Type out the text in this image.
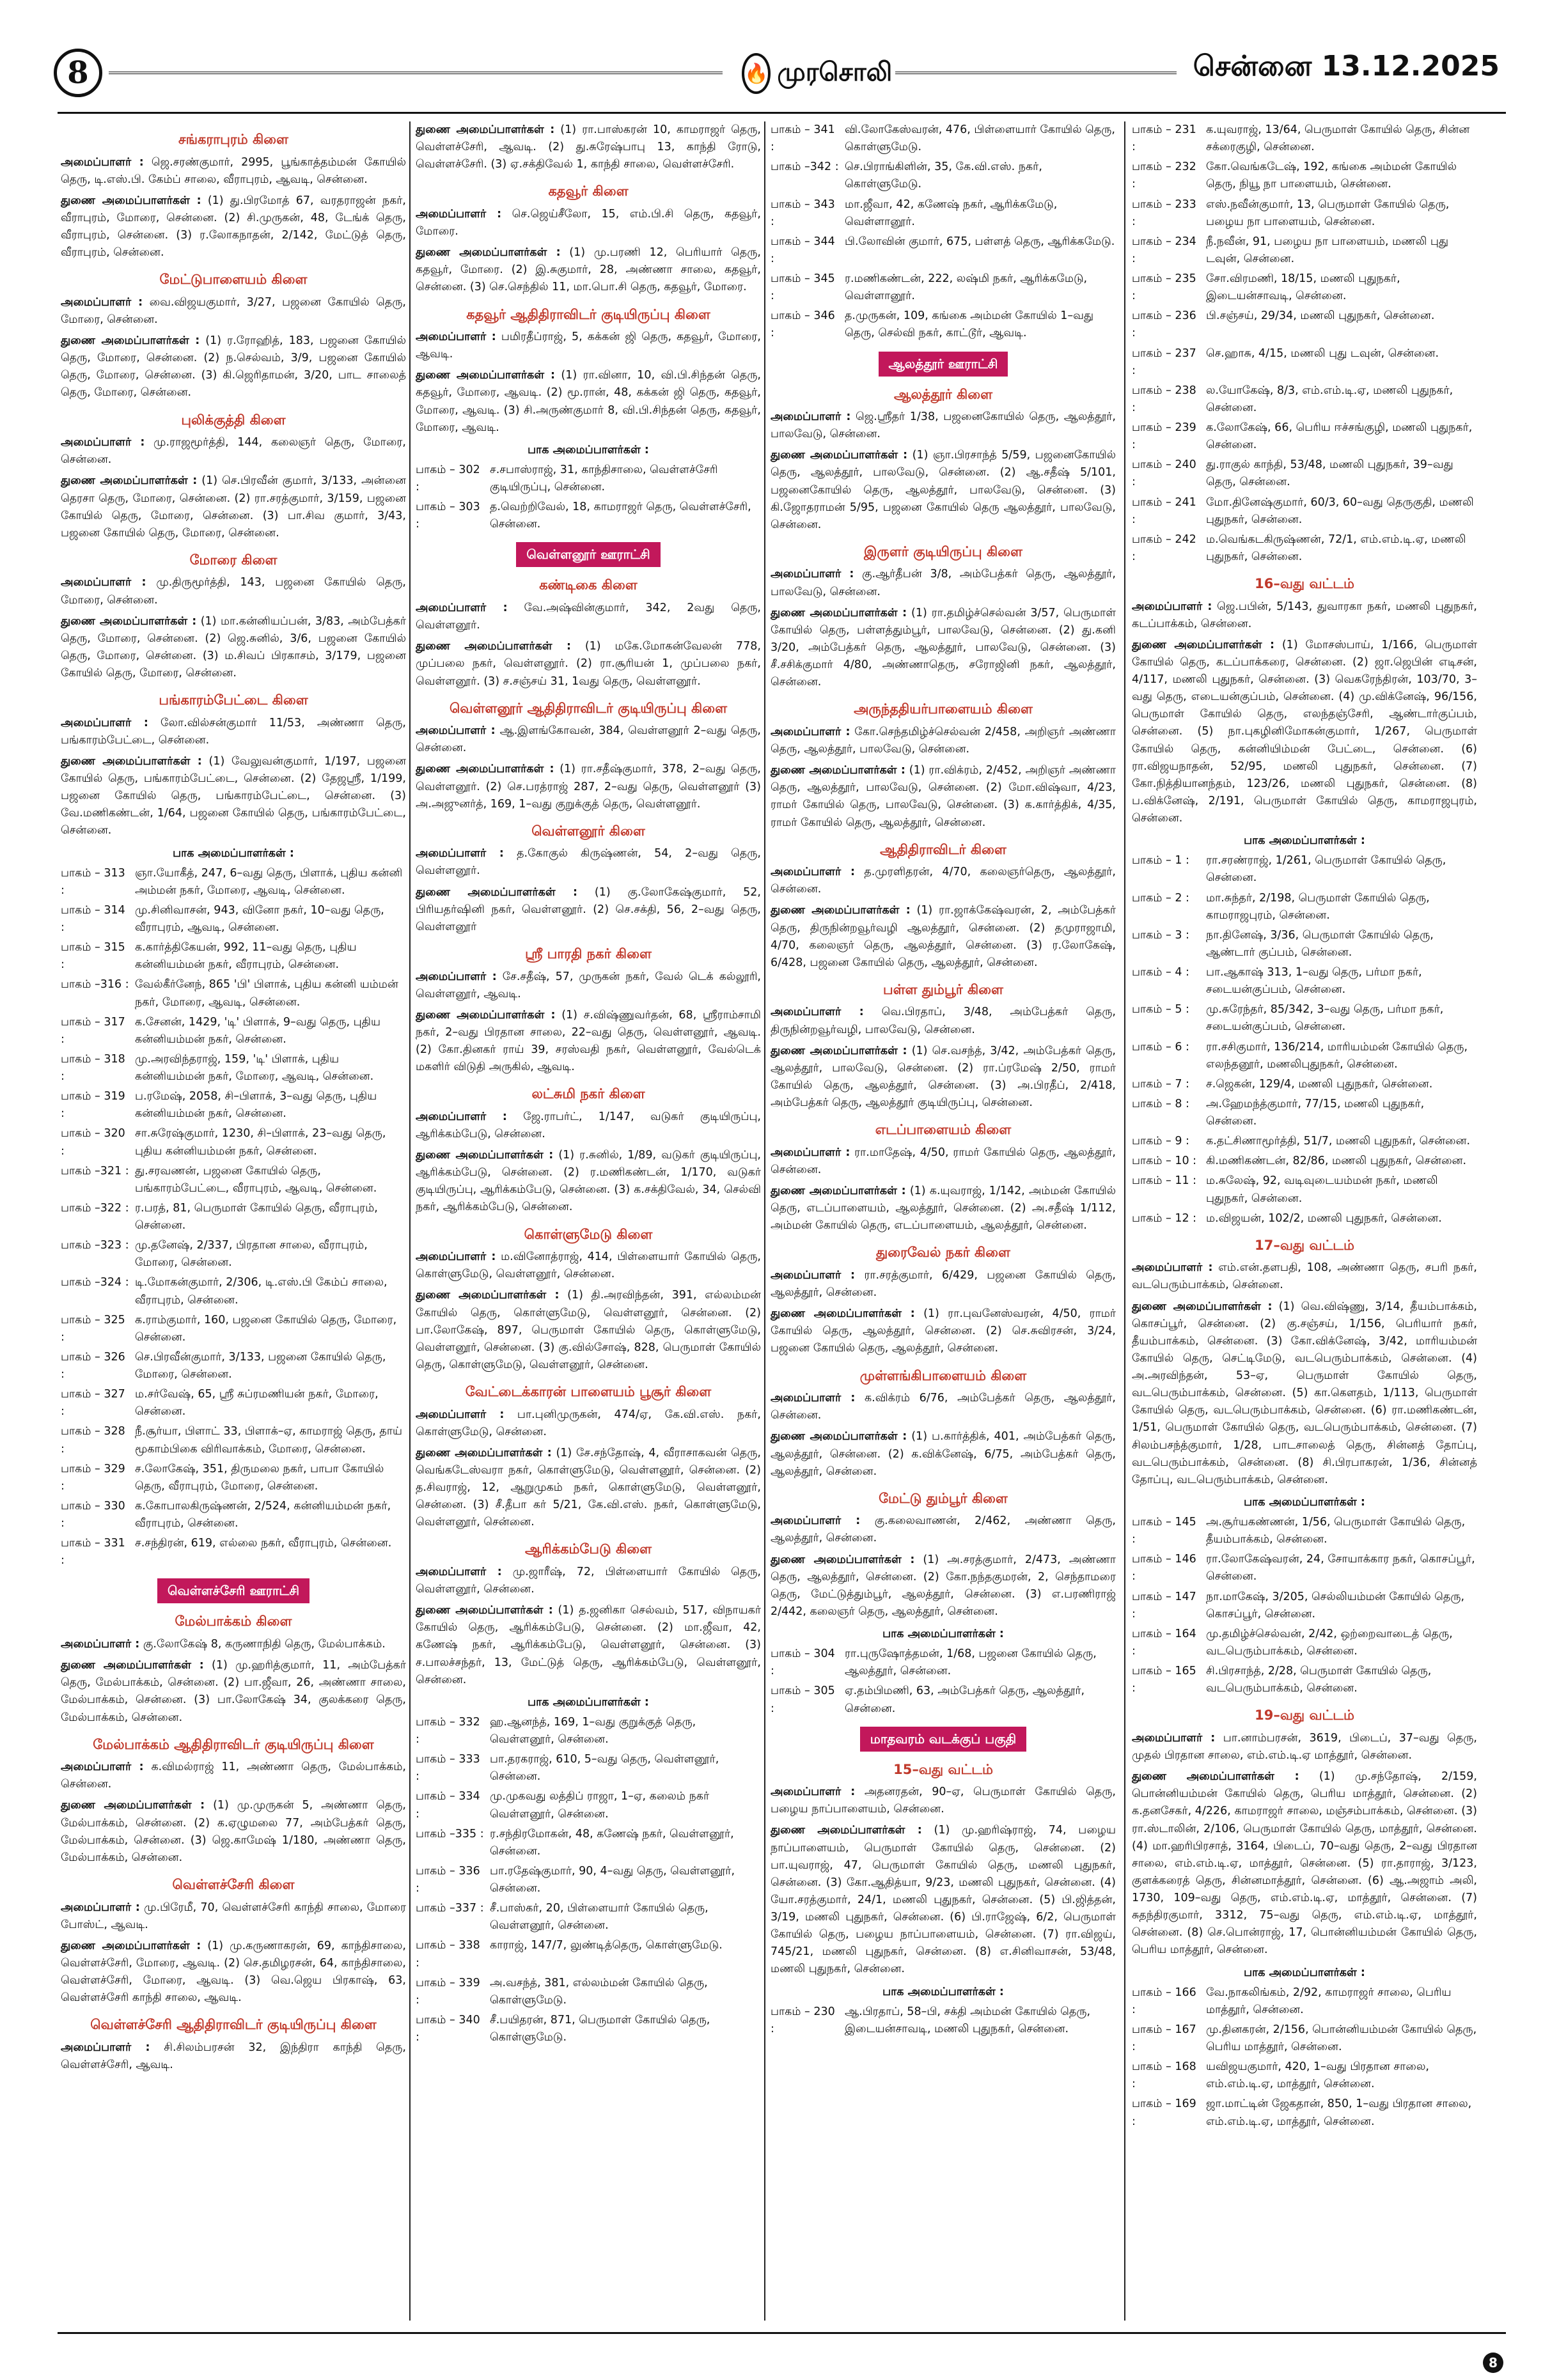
8	🔥 முரசொலி	சென்னை 13.12.2025
சங்கராபுரம் கிளை

அமைப்பாளர் : ஜெ.சரண்குமார், 2995, பூங்காத்தம்மன் கோயில் தெரு, டி.எஸ்.பி. கேம்ப் சாலை, வீராபுரம், ஆவடி, சென்னை.

துணை அமைப்பாளர்கள் : (1) து.பிரமோத் 67, வரதராஜன் நகர், வீராபுரம், மோரை, சென்னை. (2) சி.முருகன், 48, டேங்க் தெரு, வீராபுரம், சென்னை. (3) ர.லோகநாதன், 2/142, மேட்டுத் தெரு, வீராபுரம், சென்னை.

மேட்டுபாளையம் கிளை

அமைப்பாளர் : வை.விஜயகுமார், 3/27, பஜனை கோயில் தெரு, மோரை, சென்னை.

துணை அமைப்பாளர்கள் : (1) ர.ரோஹித், 183, பஜனை கோயில் தெரு, மோரை, சென்னை. (2) ந.செல்வம், 3/9, பஜனை கோயில் தெரு, மோரை, சென்னை. (3) கி.ஜெரிதாமன், 3/20, பாட சாலைத் தெரு, மோரை, சென்னை.

புலிக்குத்தி கிளை

அமைப்பாளர் : மு.ராஜமூர்த்தி, 144, கலைஞர் தெரு, மோரை, சென்னை.

துணை அமைப்பாளர்கள் : (1) செ.பிரவீன் குமார், 3/133, அன்னை தெரசா தெரு, மோரை, சென்னை. (2) ரா.சரத்குமார், 3/159, பஜனை கோயில் தெரு, மோரை, சென்னை. (3) பா.சிவ குமார், 3/43, பஜனை கோயில் தெரு, மோரை, சென்னை.

மோரை கிளை

அமைப்பாளர் : மு.திருமூர்த்தி, 143, பஜனை கோயில் தெரு, மோரை, சென்னை.

துணை அமைப்பாளர்கள் : (1) மா.கன்னியப்பன், 3/83, அம்பேத்கர் தெரு, மோரை, சென்னை. (2) ஜெ.சுனில், 3/6, பஜனை கோயில் தெரு, மோரை, சென்னை. (3) ம.சிவப் பிரகாசம், 3/179, பஜனை கோயில் தெரு, மோரை, சென்னை.

பங்காரம்பேட்டை கிளை

அமைப்பாளர் : லோ.வில்சன்குமார் 11/53, அண்ணா தெரு, பங்காரம்பேட்டை, சென்னை.

துணை அமைப்பாளர்கள் : (1) வேலுவன்குமார், 1/197, பஜனை கோயில் தெரு, பங்காரம்பேட்டை, சென்னை. (2) தேஜஸ்ரீ, 1/199, பஜனை கோயில் தெரு, பங்காரம்பேட்டை, சென்னை. (3) வே.மணிகண்டன், 1/64, பஜனை கோயில் தெரு, பங்காரம்பேட்டை, சென்னை.

பாக அமைப்பாளர்கள் :
பாகம் – 313 :
ஞா.யோகீத், 247, 6–வது தெரு, பிளாக், புதிய கன்னி அம்மன் நகர், மோரை, ஆவடி, சென்னை.
பாகம் – 314 :
மு.சினிவாசன், 943, வினோ நகர், 10–வது தெரு, வீராபுரம், ஆவடி, சென்னை.
பாகம் – 315 :
க.கார்த்திகேயன், 992, 11–வது தெரு, புதிய கன்னியம்மன் நகர், வீராபுரம், சென்னை.
பாகம் –316 : வேல்கீர்னேந், 865 'பி' பிளாக், புதிய கன்னி யம்மன் நகர், மோரை, ஆவடி, சென்னை.
பாகம் – 317 :
க.சேனன், 1429, 'டி' பிளாக், 9–வது தெரு, புதிய கன்னியம்மன் நகர், சென்னை.
பாகம் – 318 :
மு.அரவிந்தராஜ், 159, 'டி' பிளாக், புதிய கன்னியம்மன் நகர், மோரை, ஆவடி, சென்னை.
பாகம் – 319 :
ப.ரமேஷ், 2058, சி–பிளாக், 3–வது தெரு, புதிய கன்னியம்மன் நகர், சென்னை.
பாகம் – 320 :
சா.சுரேஷ்குமார், 1230, சி–பிளாக், 23–வது தெரு, புதிய கன்னியம்மன் நகர், சென்னை.
பாகம் –321 : து.சரவணன், பஜனை கோயில் தெரு, பங்காரம்பேட்டை, வீராபுரம், ஆவடி, சென்னை.
பாகம் –322 : ர.பரத், 81, பெருமாள் கோயில் தெரு, வீராபுரம், சென்னை.
பாகம் –323 : மு.தனேஷ், 2/337, பிரதான சாலை, வீராபுரம், மோரை, சென்னை.
பாகம் –324 : டி.மோகன்குமார், 2/306, டி.எஸ்.பி கேம்ப் சாலை, வீராபுரம், சென்னை.
பாகம் – 325 :
க.ராம்குமார், 160, பஜனை கோயில் தெரு, மோரை, சென்னை.
பாகம் – 326 :
செ.பிரவீன்குமார், 3/133, பஜனை கோயில் தெரு, மோரை, சென்னை.
பாகம் – 327 :
ம.சர்வேஷ், 65, ஸ்ரீ சுப்ரமணியன் நகர், மோரை, சென்னை.
பாகம் – 328 :
நீ.சூர்யா, பிளாட் 33, பிளாக்–ஏ, காமராஜ் தெரு, தாய் மூகாம்பிகை விரிவாக்கம், மோரை, சென்னை.
பாகம் – 329 :
ச.லோகேஷ், 351, திருமலை நகர், பாபா கோயில் தெரு, வீராபுரம், மோரை, சென்னை.
பாகம் – 330 :
க.கோபாலகிருஷ்ணன், 2/524, கன்னியம்மன் நகர், வீராபுரம், சென்னை.
பாகம் – 331 :
ச.சந்திரன், 619, எல்லை நகர், வீராபுரம், சென்னை.
வெள்ளச்சேரி ஊராட்சி
மேல்பாக்கம் கிளை

அமைப்பாளர் : கு.லோகேஷ் 8, கருணாநிதி தெரு, மேல்பாக்கம்.

துணை அமைப்பாளர்கள் : (1) மு.ஹரித்குமார், 11, அம்பேத்கர் தெரு, மேல்பாக்கம், சென்னை. (2) பா.ஜீவா, 26, அண்ணா சாலை, மேல்பாக்கம், சென்னை. (3) பா.லோகேஷ் 34, குலக்கரை தெரு, மேல்பாக்கம், சென்னை.

மேல்பாக்கம் ஆதிதிராவிடர் குடியிருப்பு கிளை

அமைப்பாளர் : க.விமல்ராஜ் 11, அண்ணா தெரு, மேல்பாக்கம், சென்னை.

துணை அமைப்பாளர்கள் : (1) மு.முருகன் 5, அண்ணா தெரு, மேல்பாக்கம், சென்னை. (2) க.ஏழுமலை 77, அம்பேத்கர் தெரு, மேல்பாக்கம், சென்னை. (3) ஜெ.காமேஷ் 1/180, அண்ணா தெரு, மேல்பாக்கம், சென்னை.

வெள்ளச்சேரி கிளை

அமைப்பாளர் : மு.பிரேமீ, 70, வெள்ளச்சேரி காந்தி சாலை, மோரை போஸ்ட், ஆவடி.

துணை அமைப்பாளர்கள் : (1) மு.கருணாகரன், 69, காந்திசாலை, வெள்ளச்சேரி, மோரை, ஆவடி. (2) செ.தமிழரசன், 64, காந்திசாலை, வெள்ளச்சேரி, மோரை, ஆவடி. (3) வெ.ஜெய பிரகாஷ், 63, வெள்ளச்சேரி காந்தி சாலை, ஆவடி.

வெள்ளச்சேரி ஆதிதிராவிடர் குடியிருப்பு கிளை

அமைப்பாளர் : சி.சிலம்பரசன் 32, இந்திரா காந்தி தெரு, வெள்ளச்சேரி, ஆவடி.

துணை அமைப்பாளர்கள் : (1) ரா.பாஸ்கரன் 10, காமராஜர் தெரு, வெள்ளச்சேரி, ஆவடி. (2) து.சுரேஷ்பாபு 13, காந்தி ரோடு, வெள்ளச்சேரி. (3) ஏ.சக்திவேல் 1, காந்தி சாலை, வெள்ளச்சேரி.

கதவூர் கிளை

அமைப்பாளர் : செ.ஜெய்சீலோ, 15, எம்.பி.சி தெரு, கதவூர், மோரை.

துணை அமைப்பாளர்கள் : (1) மு.பரணி 12, பெரியார் தெரு, கதவூர், மோரை. (2) இ.சுகுமார், 28, அண்ணா சாலை, கதவூர், சென்னை. (3) செ.செந்தில் 11, மா.பொ.சி தெரு, கதவூர், மோரை.

கதவூர் ஆதிதிராவிடர் குடியிருப்பு கிளை

அமைப்பாளர் : பமிரதீப்ராஜ், 5, கக்கன் ஜி தெரு, கதவூர், மோரை, ஆவடி.

துணை அமைப்பாளர்கள் : (1) ரா.வினா, 10, வி.பி.சிந்தன் தெரு, கதவூர், மோரை, ஆவடி. (2) மூ.ரான், 48, கக்கன் ஜி தெரு, கதவூர், மோரை, ஆவடி. (3) சி.அருண்குமார் 8, வி.பி.சிந்தன் தெரு, கதவூர், மோரை, ஆவடி.

பாக அமைப்பாளர்கள் :
பாகம் – 302 :
ச.சபாஸ்ராஜ், 31, காந்திசாலை, வெள்ளச்சேரி குடியிருப்பு, சென்னை.
பாகம் – 303 :
த.வெற்றிவேல், 18, காமராஜர் தெரு, வெள்ளச்சேரி, சென்னை.
வெள்ளனூர் ஊராட்சி
கண்டிகை கிளை

அமைப்பாளர் : வே.அஷ்வின்குமார், 342, 2வது தெரு, வெள்ளனூர்.

துணை அமைப்பாளர்கள் : (1) மகே.மோகன்வேலன் 778, முப்பலை நகர், வெள்ளனூர். (2) ரா.சூரியன் 1, முப்பலை நகர், வெள்ளனூர். (3) ச.சஞ்சய் 31, 1வது தெரு, வெள்ளனூர்.

வெள்ளனூர் ஆதிதிராவிடர் குடியிருப்பு கிளை

அமைப்பாளர் : ஆ.இளங்கோவன், 384, வெள்ளனூர் 2–வது தெரு, சென்னை.

துணை அமைப்பாளர்கள் : (1) ரா.சதீஷ்குமார், 378, 2–வது தெரு, வெள்ளனூர். (2) செ.பரத்ராஜ் 287, 2–வது தெரு, வெள்ளனூர் (3) அ.அஜுனர்த், 169, 1–வது குறுக்குத் தெரு, வெள்ளனூர்.

வெள்ளனூர் கிளை

அமைப்பாளர் : த.கோகுல் கிருஷ்ணன், 54, 2–வது தெரு, வெள்ளனூர்.

துணை அமைப்பாளர்கள் : (1) கு.லோகேஷ்குமார், 52, பிரியதர்ஷினி நகர், வெள்ளனூர். (2) செ.சக்தி, 56, 2–வது தெரு, வெள்ளனூர்

ஸ்ரீ பாரதி நகர் கிளை

அமைப்பாளர் : சே.சதீஷ், 57, முருகன் நகர், வேல் டெக் கல்லூரி, வெள்ளனூர், ஆவடி.

துணை அமைப்பாளர்கள் : (1) ச.விஷ்ணுவர்தன், 68, ஸ்ரீராம்சாமி நகர், 2–வது பிரதான சாலை, 22–வது தெரு, வெள்ளனூர், ஆவடி. (2) கோ.தினகர் ராய் 39, சரஸ்வதி நகர், வெள்ளனூர், வேல்டெக் மகளிர் விடுதி அருகில், ஆவடி.

லட்சுமி நகர் கிளை

அமைப்பாளர் : ஜே.ராபர்ட், 1/147, வடுகர் குடியிருப்பு, ஆரிக்கம்பேடு, சென்னை.

துணை அமைப்பாளர்கள் : (1) ர.சுனில், 1/89, வடுகர் குடியிருப்பு, ஆரிக்கம்பேடு, சென்னை. (2) ர.மணிகண்டன், 1/170, வடுகர் குடியிருப்பு, ஆரிக்கம்பேடு, சென்னை. (3) க.சக்திவேல், 34, செல்வி நகர், ஆரிக்கம்பேடு, சென்னை.

கொள்ளுமேடு கிளை

அமைப்பாளர் : ம.வினோத்ராஜ், 414, பிள்ளையார் கோயில் தெரு, கொள்ளுமேடு, வெள்ளனூர், சென்னை.

துணை அமைப்பாளர்கள் : (1) தி.அரவிந்தன், 391, எல்லம்மன் கோயில் தெரு, கொள்ளுமேடு, வெள்ளனூர், சென்னை. (2) பா.லோகேஷ், 897, பெருமாள் கோயில் தெரு, கொள்ளுமேடு, வெள்ளனூர், சென்னை. (3) கு.வில்சோஷ், 828, பெருமாள் கோயில் தெரு, கொள்ளுமேடு, வெள்ளனூர், சென்னை.

வேட்டைக்காரன் பாளையம் பூசூர் கிளை

அமைப்பாளர் : பா.புனிமுருகன், 474/ஏ, கே.வி.எஸ். நகர், கொள்ளுமேடு, சென்னை.

துணை அமைப்பாளர்கள் : (1) சே.சந்தோஷ், 4, வீராசாகவன் தெரு, வெங்கடேஸ்வரா நகர், கொள்ளுமேடு, வெள்ளனூர், சென்னை. (2) த.சிவராஜ், 12, ஆறுமுகம் நகர், கொள்ளுமேடு, வெள்ளனூர், சென்னை. (3) சீ.தீபா கர் 5/21, கே.வி.எஸ். நகர், கொள்ளுமேடு, வெள்ளனூர், சென்னை.

ஆரிக்கம்பேடு கிளை

அமைப்பாளர் : மு.ஜாரீஷ், 72, பிள்ளையார் கோயில் தெரு, வெள்ளனூர், சென்னை.

துணை அமைப்பாளர்கள் : (1) த.ஜனிகா செல்வம், 517, விநாயகர் கோயில் தெரு, ஆரிக்கம்பேடு, சென்னை. (2) மா.ஜீவா, 42, கணேஷ் நகர், ஆரிக்கம்பேடு, வெள்ளனூர், சென்னை. (3) ச.பாலச்சந்தர், 13, மேட்டுத் தெரு, ஆரிக்கம்பேடு, வெள்ளனூர், சென்னை.

பாக அமைப்பாளர்கள் :
பாகம் – 332 :
ஹ.ஆனந்த், 169, 1–வது குறுக்குத் தெரு, வெள்ளனூர், சென்னை.
பாகம் – 333 :
பா.தரகராஜ், 610, 5–வது தெரு, வெள்ளனூர், சென்னை.
பாகம் – 334 :
மு.முகவது லத்திப் ராஜா, 1–ஏ, கலைம் நகர் வெள்ளனூர், சென்னை.
பாகம் –335 : ர.சந்திரமோகன், 48, கணேஷ் நகர், வெள்ளனூர், சென்னை.
பாகம் – 336 :
பா.ரதேஷ்குமார், 90, 4–வது தெரு, வெள்ளனூர், சென்னை.
பாகம் –337 : சீ.பாஸ்கர், 20, பிள்ளையார் கோயில் தெரு, வெள்ளனூர், சென்னை.
பாகம் – 338 :
காராஜ், 147/7, லுண்டித்தெரு, கொள்ளுமேடு.
பாகம் – 339 :
அ.வசந்த், 381, எல்லம்மன் கோயில் தெரு, கொள்ளுமேடு.
பாகம் – 340 :
சீ.பயிதரன், 871, பெருமாள் கோயில் தெரு, கொள்ளுமேடு.
பாகம் – 341 :
வி.லோகேஸ்வரன், 476, பிள்ளையார் கோயில் தெரு, கொள்ளுமேடு.
பாகம் –342 : செ.பிராங்கிளின், 35, கே.வி.எஸ். நகர், கொள்ளுமேடு.
பாகம் – 343 :
மா.ஜீவா, 42, கணேஷ் நகர், ஆரிக்கமேடு, வெள்ளானூர்.
பாகம் – 344 :
பி.லோவின் குமார், 675, பள்ளத் தெரு, ஆரிக்கமேடு.
பாகம் – 345 :
ர.மணிகண்டன், 222, லஷ்மி நகர், ஆரிக்கமேடு, வெள்ளானூர்.
பாகம் – 346 :
த.முருகன், 109, கங்கை அம்மன் கோயில் 1–வது தெரு, செல்வி நகர், காட்டூர், ஆவடி.
ஆலத்தூர் ஊராட்சி
ஆலத்தூர் கிளை

அமைப்பாளர் : ஜெ.ஸ்ரீதர் 1/38, பஜனைகோயில் தெரு, ஆலத்தூர், பாலவேடு, சென்னை.

துணை அமைப்பாளர்கள் : (1) ஞா.பிரசாந்த் 5/59, பஜனைகோயில் தெரு, ஆலத்தூர், பாலவேடு, சென்னை. (2) ஆ.சதீஷ் 5/101, பஜனைகோயில் தெரு, ஆலத்தூர், பாலவேடு, சென்னை. (3) கி.ஜோதராமன் 5/95, பஜனை கோயில் தெரு ஆலத்தூர், பாலவேடு, சென்னை.

இருளர் குடியிருப்பு கிளை

அமைப்பாளர் : கு.ஆர்தீபன் 3/8, அம்பேத்கர் தெரு, ஆலத்தூர், பாலவேடு, சென்னை.

துணை அமைப்பாளர்கள் : (1) ரா.தமிழ்ச்செல்வன் 3/57, பெருமாள் கோயில் தெரு, பள்ளத்தும்பூர், பாலவேடு, சென்னை. (2) து.கனி 3/20, அம்பேத்கர் தெரு, ஆலத்தூர், பாலவேடு, சென்னை. (3) சீ.சசிக்குமார் 4/80, அண்ணாதெரு, சரோஜினி நகர், ஆலத்தூர், சென்னை.

அருந்ததியர்பாளையம் கிளை

அமைப்பாளர் : கோ.செந்தமிழ்ச்செல்வன் 2/458, அறிஞர் அண்ணா தெரு, ஆலத்தூர், பாலவேடு, சென்னை.

துணை அமைப்பாளர்கள் : (1) ரா.விக்ரம், 2/452, அறிஞர் அண்ணா தெரு, ஆலத்தூர், பாலவேடு, சென்னை. (2) மோ.விஷ்வா, 4/23, ராமர் கோயில் தெரு, பாலவேடு, சென்னை. (3) க.கார்த்திக், 4/35, ராமர் கோயில் தெரு, ஆலத்தூர், சென்னை.

ஆதிதிராவிடர் கிளை

அமைப்பாளர் : த.முரளிதரன், 4/70, கலைஞர்தெரு, ஆலத்தூர், சென்னை.

துணை அமைப்பாளர்கள் : (1) ரா.ஜாக்கேஷ்வரன், 2, அம்பேத்கர் தெரு, திருநின்றவூர்வழி ஆலத்தூர், சென்னை. (2) தமுராஜாமி, 4/70, கலைஞர் தெரு, ஆலத்தூர், சென்னை. (3) ர.லோகேஷ், 6/428, பஜனை கோயில் தெரு, ஆலத்தூர், சென்னை.

பள்ள தும்பூர் கிளை

அமைப்பாளர் : வெ.பிரதாப், 3/48, அம்பேத்கர் தெரு, திருநின்றவூர்வழி, பாலவேடு, சென்னை.

துணை அமைப்பாளர்கள் : (1) செ.வசந்த், 3/42, அம்பேத்கர் தெரு, ஆலத்தூர், பாலவேடு, சென்னை. (2) ரா.ப்ரமேஷ் 2/50, ராமர் கோயில் தெரு, ஆலத்தூர், சென்னை. (3) அ.பிரதீப், 2/418, அம்பேத்கர் தெரு, ஆலத்தூர் குடியிருப்பு, சென்னை.

எடப்பாளையம் கிளை

அமைப்பாளர் : ரா.மாதேஷ், 4/50, ராமர் கோயில் தெரு, ஆலத்தூர், சென்னை.

துணை அமைப்பாளர்கள் : (1) க.யுவராஜ், 1/142, அம்மன் கோயில் தெரு, எடப்பாளையம், ஆலத்தூர், சென்னை. (2) அ.சதீஷ் 1/112, அம்மன் கோயில் தெரு, எடப்பாளையம், ஆலத்தூர், சென்னை.

துரைவேல் நகர் கிளை

அமைப்பாளர் : ரா.சரத்குமார், 6/429, பஜனை கோயில் தெரு, ஆலத்தூர், சென்னை.

துணை அமைப்பாளர்கள் : (1) ரா.புவனேஸ்வரன், 4/50, ராமர் கோயில் தெரு, ஆலத்தூர், சென்னை. (2) செ.சுவிரசன், 3/24, பஜனை கோயில் தெரு, ஆலத்தூர், சென்னை.

முள்ளங்கிபாளையம் கிளை

அமைப்பாளர் : க.விக்ரம் 6/76, அம்பேத்கர் தெரு, ஆலத்தூர், சென்னை.

துணை அமைப்பாளர்கள் : (1) ப.கார்த்திக், 401, அம்பேத்கர் தெரு, ஆலத்தூர், சென்னை. (2) க.விக்னேஷ், 6/75, அம்பேத்கர் தெரு, ஆலத்தூர், சென்னை.

மேட்டு தும்பூர் கிளை

அமைப்பாளர் : கு.கலைவாணன், 2/462, அண்ணா தெரு, ஆலத்தூர், சென்னை.

துணை அமைப்பாளர்கள் : (1) அ.சரத்குமார், 2/473, அண்ணா தெரு, ஆலத்தூர், சென்னை. (2) கோ.நந்தகுமரன், 2, செந்தாமரை தெரு, மேட்டுத்தும்பூர், ஆலத்தூர், சென்னை. (3) எ.பரணிராஜ் 2/442, கலைஞர் தெரு, ஆலத்தூர், சென்னை.

பாக அமைப்பாளர்கள் :
பாகம் – 304 :
ரா.புருஷோத்தமன், 1/68, பஜனை கோயில் தெரு, ஆலத்தூர், சென்னை.
பாகம் – 305 :
ஏ.தம்பிமணி, 63, அம்பேத்கர் தெரு, ஆலத்தூர், சென்னை.
மாதவரம் வடக்குப் பகுதி
15–வது வட்டம்

அமைப்பாளர் : அதனரதன், 90–ஏ, பெருமாள் கோயில் தெரு, பழைய நாப்பாளையம், சென்னை.

துணை அமைப்பாளர்கள் : (1) மு.ஹரிஷ்ராஜ், 74, பழைய நாப்பாளையம், பெருமாள் கோயில் தெரு, சென்னை. (2) பா.யுவராஜ், 47, பெருமாள் கோயில் தெரு, மணலி புதுநகர், சென்னை. (3) கோ.ஆதித்யா, 9/23, மணலி புதுநகர், சென்னை. (4) யோ.சரத்குமார், 24/1, மணலி புதுநகர், சென்னை. (5) பி.ஜித்தன், 3/19, மணலி புதுநகர், சென்னை. (6) பி.ராஜேஷ், 6/2, பெருமாள் கோயில் தெரு, பழைய நாப்பாளையம், சென்னை. (7) ரா.விஜய், 745/21, மணலி புதுநகர், சென்னை. (8) எ.சினிவாசன், 53/48, மணலி புதுநகர், சென்னை.

பாக அமைப்பாளர்கள் :
பாகம் – 230 :
ஆ.பிரதாப், 58–பி, சக்தி அம்மன் கோயில் தெரு, இடையன்சாவடி, மணலி புதுநகர், சென்னை.
பாகம் – 231 :
க.யுவராஜ், 13/64, பெருமாள் கோயில் தெரு, சின்ன சக்ரைகுழி, சென்னை.
பாகம் – 232 :
கோ.வெங்கடேஷ், 192, கங்கை அம்மன் கோயில் தெரு, நியூ நா பாளையம், சென்னை.
பாகம் – 233 :
எஸ்.நவீன்குமார், 13, பெருமாள் கோயில் தெரு, பழைய நா பாளையம், சென்னை.
பாகம் – 234 :
நீ.நவீன், 91, பழைய நா பாளையம், மணலி புது டவுன், சென்னை.
பாகம் – 235 :
சோ.விரமணி, 18/15, மணலி புதுநகர், இடையன்சாவடி, சென்னை.
பாகம் – 236 :
பி.சஞ்சய், 29/34, மணலி புதுநகர், சென்னை.
பாகம் – 237 :
செ.ஹாசு, 4/15, மணலி புது டவுன், சென்னை.
பாகம் – 238 :
ல.யோகேஷ், 8/3, எம்.எம்.டி.ஏ, மணலி புதுநகர், சென்னை.
பாகம் – 239 :
க.லோகேஷ், 66, பெரிய ஈச்சங்குழி, மணலி புதுநகர், சென்னை.
பாகம் – 240 :
து.ராகுல் காந்தி, 53/48, மணலி புதுநகர், 39–வது தெரு, சென்னை.
பாகம் – 241 :
மோ.தினேஷ்குமார், 60/3, 60–வது தெருகுதி, மணலி புதுநகர், சென்னை.
பாகம் – 242 :
ம.வெங்கடகிருஷ்ணன், 72/1, எம்.எம்.டி.ஏ, மணலி புதுநகர், சென்னை.
16–வது வட்டம்

அமைப்பாளர் : ஜெ.பபின், 5/143, துவாரகா நகர், மணலி புதுநகர், கடப்பாக்கம், சென்னை.

துணை அமைப்பாளர்கள் : (1) மோசஸ்பாய், 1/166, பெருமாள் கோயில் தெரு, கடப்பாக்கரை, சென்னை. (2) ஜா.ஜெபின் எடிசன், 4/117, மணலி புதுநகர், சென்னை. (3) வெகரேந்திரன், 103/70, 3–வது தெரு, எடையன்குப்பம், சென்னை. (4) மு.விக்னேஷ், 96/156, பெருமாள் கோயில் தெரு, எலந்தஞ்சேரி, ஆண்டார்குப்பம், சென்னை. (5) நா.புகழினிமோகன்குமார், 1/267, பெருமாள் கோயில் தெரு, கன்னியிம்மன் பேட்டை, சென்னை. (6) ரா.விஜயநாதன், 52/95, மணலி புதுநகர், சென்னை. (7) கோ.நித்தியானந்தம், 123/26, மணலி புதுநகர், சென்னை. (8) ப.விக்னேஷ், 2/191, பெருமாள் கோயில் தெரு, காமராஜபுரம், சென்னை.

பாக அமைப்பாளர்கள் :
பாகம் – 1 :	ரா.சரண்ராஜ், 1/261, பெருமாள் கோயில் தெரு, சென்னை.
பாகம் – 2 :	மா.சுந்தர், 2/198, பெருமாள் கோயில் தெரு, காமராஜபுரம், சென்னை.
பாகம் – 3 :	நா.தினேஷ், 3/36, பெருமாள் கோயில் தெரு, ஆண்டார் குப்பம், சென்னை.
பாகம் – 4 :	பா.ஆகாஷ் 313, 1–வது தெரு, பர்மா நகர், சடையன்குப்பம், சென்னை.
பாகம் – 5 :	மு.சுரேந்தர், 85/342, 3–வது தெரு, பர்மா நகர், சடையன்குப்பம், சென்னை.
பாகம் – 6 :	ரா.சசிகுமார், 136/214, மாரியம்மன் கோயில் தெரு, எலந்தனூர், மணலிபுதுநகர், சென்னை.
பாகம் – 7 :	ச.ஜெகன், 129/4, மணலி புதுநகர், சென்னை.
பாகம் – 8 :	அ.ஹேமந்த்குமார், 77/15, மணலி புதுநகர், சென்னை.
பாகம் – 9 :	க.தட்சிணாமூர்த்தி, 51/7, மணலி புதுநகர், சென்னை.
பாகம் – 10 : கி.மணிகண்டன், 82/86, மணலி புதுநகர், சென்னை.
பாகம் – 11 : ம.சுலேஷ், 92, வடிவுடையம்மன் நகர், மணலி புதுநகர், சென்னை.
பாகம் – 12 : ம.விஜயன், 102/2, மணலி புதுநகர், சென்னை.
17–வது வட்டம்

அமைப்பாளர் : எம்.என்.தளபதி, 108, அண்ணா தெரு, சபரி நகர், வடபெரும்பாக்கம், சென்னை.

துணை அமைப்பாளர்கள் : (1) வெ.விஷ்ணு, 3/14, தீயம்பாக்கம், கொசப்பூர், சென்னை. (2) கு.சஞ்சய், 1/156, பெரியார் நகர், தீயம்பாக்கம், சென்னை. (3) கோ.விக்னேஷ், 3/42, மாரியம்மன் கோயில் தெரு, செட்டிமேடு, வடபெரும்பாக்கம், சென்னை. (4) அ.அரவிந்தன், 53–ஏ, பெருமாள் கோயில் தெரு, வடபெரும்பாக்கம், சென்னை. (5) கா.கௌதம், 1/113, பெருமாள் கோயில் தெரு, வடபெரும்பாக்கம், சென்னை. (6) ரா.மணிகண்டன், 1/51, பெருமாள் கோயில் தெரு, வடபெரும்பாக்கம், சென்னை. (7) சிலம்பசந்த்குமார், 1/28, பாடசாலைத் தெரு, சின்னத் தோப்பு, வடபெரும்பாக்கம், சென்னை. (8) சி.பிரபாகரன், 1/36, சின்னத் தோப்பு, வடபெரும்பாக்கம், சென்னை.

பாக அமைப்பாளர்கள் :
பாகம் – 145 :
அ.சூர்யகண்ணன், 1/56, பெருமாள் கோயில் தெரு, தீயம்பாக்கம், சென்னை.
பாகம் – 146 :
ரா.லோகேஷ்வரன், 24, சோயாக்கார நகர், கொசப்பூர், சென்னை.
பாகம் – 147 :
நா.மாகேஷ், 3/205, செல்லியம்மன் கோயில் தெரு, கொசப்பூர், சென்னை.
பாகம் – 164 :
மு.தமிழ்ச்செல்வன், 2/42, ஒற்றைவாடைத் தெரு, வடபெரும்பாக்கம், சென்னை.
பாகம் – 165 :
சி.பிரசாந்த், 2/28, பெருமாள் கோயில் தெரு, வடபெரும்பாக்கம், சென்னை.
19–வது வட்டம்

அமைப்பாளர் : பா.னாம்பரசன், 3619, பிடைப், 37–வது தெரு, முதல் பிரதான சாலை, எம்.எம்.டி.ஏ மாத்தூர், சென்னை.

துணை அமைப்பாளர்கள் : (1) மு.சந்தோஷ், 2/159, பொன்னியம்மன் கோயில் தெரு, பெரிய மாத்தூர், சென்னை. (2) க.தனசேகர், 4/226, காமராஜர் சாலை, மஞ்சம்பாக்கம், சென்னை. (3) ரா.ஸ்டாலின், 2/106, பெருமாள் கோயில் தெரு, மாத்தூர், சென்னை. (4) மா.ஹரிபிரசாத், 3164, பிடைப், 70–வது தெரு, 2–வது பிரதான சாலை, எம்.எம்.டி.ஏ, மாத்தூர், சென்னை. (5) ரா.தாராஜ், 3/123, குளக்கரைத் தெரு, சின்னமாத்தூர், சென்னை. (6) ஆ.அஜாம் அலி, 1730, 109–வது தெரு, எம்.எம்.டி.ஏ, மாத்தூர், சென்னை. (7) சுதந்திரகுமார், 3312, 75–வது தெரு, எம்.எம்.டி.ஏ, மாத்தூர், சென்னை. (8) செ.பொன்ராஜ், 17, பொன்னியம்மன் கோயில் தெரு, பெரிய மாத்தூர், சென்னை.

பாக அமைப்பாளர்கள் :
பாகம் – 166 :
வே.நாகலிங்கம், 2/92, காமராஜர் சாலை, பெரிய மாத்தூர், சென்னை.
பாகம் – 167 :
மு.தினகரன், 2/156, பொன்னியம்மன் கோயில் தெரு, பெரிய மாத்தூர், சென்னை.
பாகம் – 168 :
யவிஜயகுமார், 420, 1–வது பிரதான சாலை, எம்.எம்.டி.ஏ, மாத்தூர், சென்னை.
பாகம் – 169 :
ஜா.மாட்டின் ஜேகதான், 850, 1–வது பிரதான சாலை, எம்.எம்.டி.ஏ, மாத்தூர், சென்னை.
8
